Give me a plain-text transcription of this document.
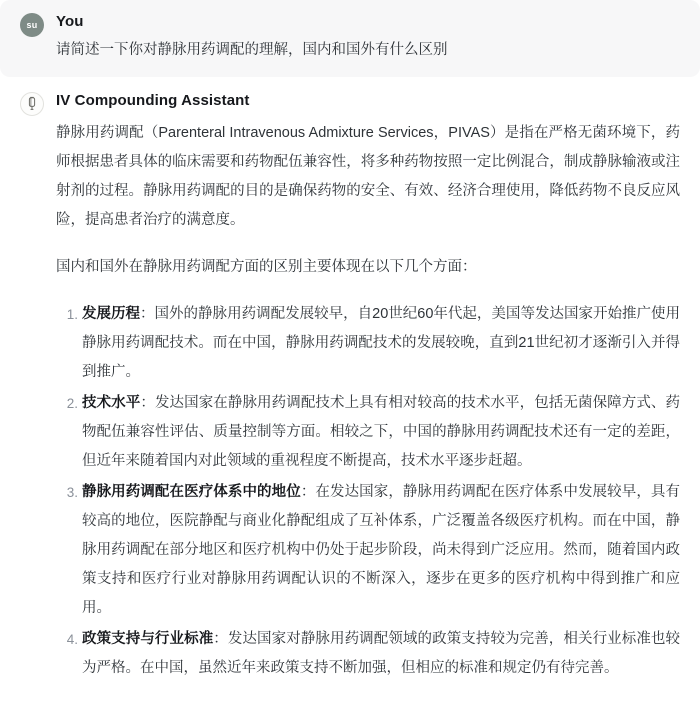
su You
请简述一下你对静脉用药调配的理解，国内和国外有什么区别
IV Compounding Assistant

静脉用药调配（Parenteral Intravenous Admixture Services，PIVAS）是指在严格无菌环境下，药师根据患者具体的临床需要和药物配伍兼容性，将多种药物按照一定比例混合，制成静脉输液或注射剂的过程。静脉用药调配的目的是确保药物的安全、有效、经济合理使用，降低药物不良反应风险，提高患者治疗的满意度。

国内和国外在静脉用药调配方面的区别主要体现在以下几个方面：

发展历程：国外的静脉用药调配发展较早，自20世纪60年代起，美国等发达国家开始推广使用静脉用药调配技术。而在中国，静脉用药调配技术的发展较晚，直到21世纪初才逐渐引入并得到推广。
技术水平：发达国家在静脉用药调配技术上具有相对较高的技术水平，包括无菌保障方式、药物配伍兼容性评估、质量控制等方面。相较之下，中国的静脉用药调配技术还有一定的差距，但近年来随着国内对此领域的重视程度不断提高，技术水平逐步赶超。
静脉用药调配在医疗体系中的地位：在发达国家，静脉用药调配在医疗体系中发展较早，具有较高的地位，医院静配与商业化静配组成了互补体系，广泛覆盖各级医疗机构。而在中国，静脉用药调配在部分地区和医疗机构中仍处于起步阶段，尚未得到广泛应用。然而，随着国内政策支持和医疗行业对静脉用药调配认识的不断深入，逐步在更多的医疗机构中得到推广和应用。
政策支持与行业标准：发达国家对静脉用药调配领域的政策支持较为完善，相关行业标准也较为严格。在中国，虽然近年来政策支持不断加强，但相应的标准和规定仍有待完善。
